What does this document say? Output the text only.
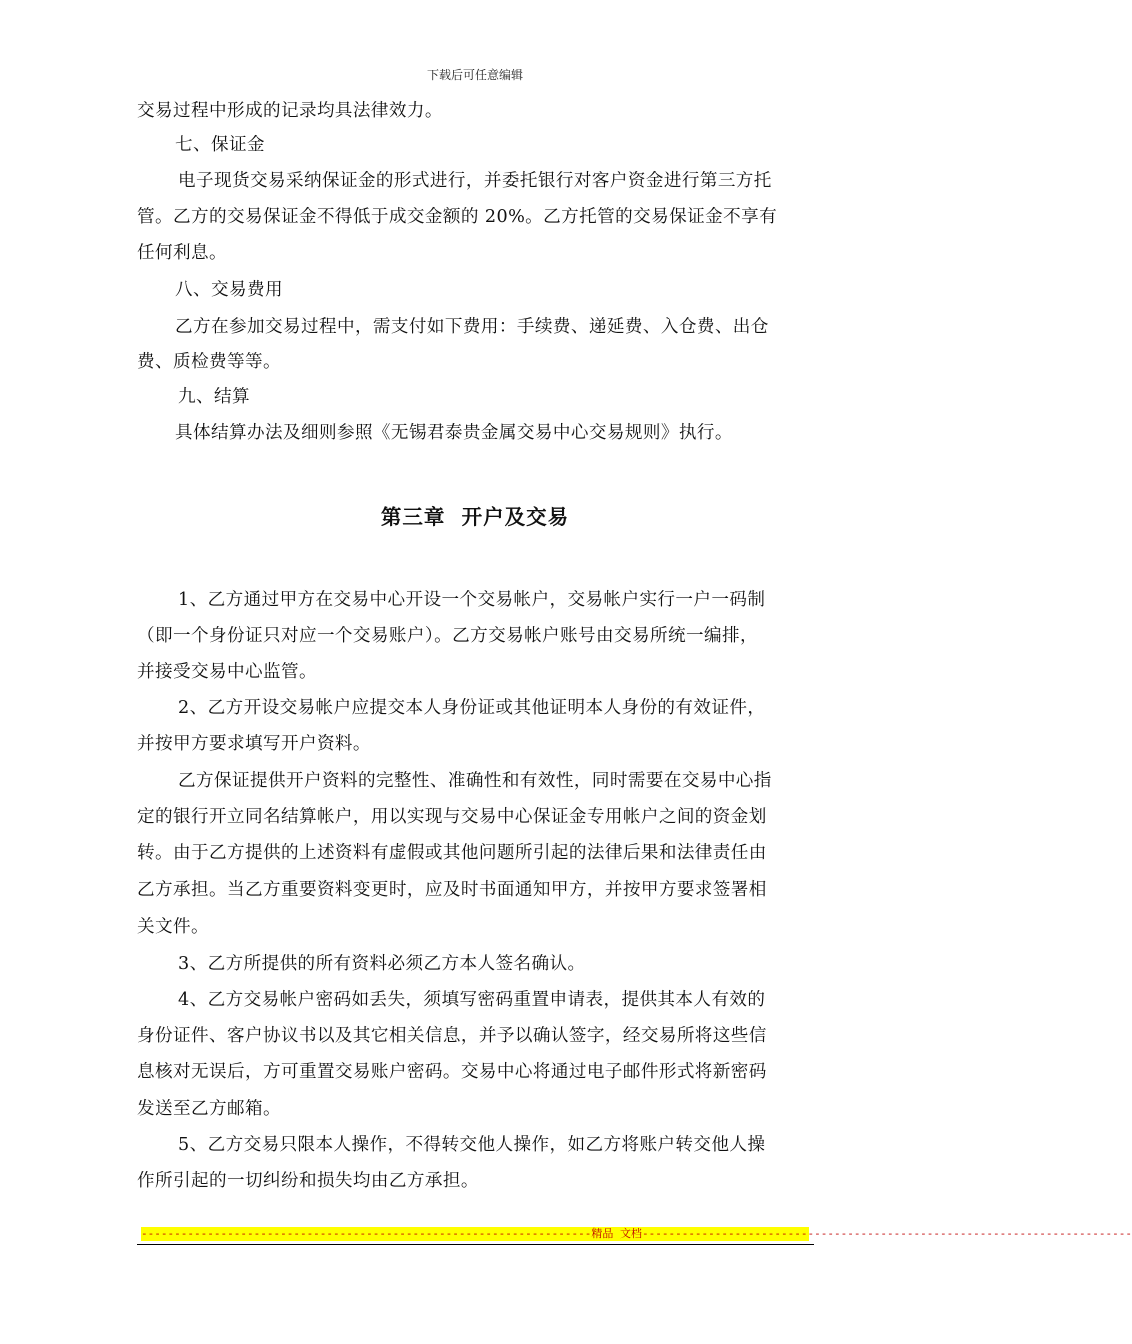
下载后可任意编辑
交易过程中形成的记录均具法律效力。
七、保证金
电子现货交易采纳保证金的形式进行，并委托银行对客户资金进行第三方托
管。乙方的交易保证金不得低于成交金额的 20%。乙方托管的交易保证金不享有
任何利息。
八、交易费用
乙方在参加交易过程中，需支付如下费用：手续费、递延费、入仓费、出仓
费、质检费等等。
九、结算
具体结算办法及细则参照《无锡君泰贵金属交易中心交易规则》执行。
第三章  开户及交易
1、乙方通过甲方在交易中心开设一个交易帐户，交易帐户实行一户一码制
（即一个身份证只对应一个交易账户）。乙方交易帐户账号由交易所统一编排，
并接受交易中心监管。
2、乙方开设交易帐户应提交本人身份证或其他证明本人身份的有效证件，
并按甲方要求填写开户资料。
乙方保证提供开户资料的完整性、准确性和有效性，同时需要在交易中心指
定的银行开立同名结算帐户，用以实现与交易中心保证金专用帐户之间的资金划
转。由于乙方提供的上述资料有虚假或其他问题所引起的法律后果和法律责任由
乙方承担。当乙方重要资料变更时，应及时书面通知甲方，并按甲方要求签署相
关文件。
3、乙方所提供的所有资料必须乙方本人签名确认。
4、乙方交易帐户密码如丢失，须填写密码重置申请表，提供其本人有效的
身份证件、客户协议书以及其它相关信息，并予以确认签字，经交易所将这些信
息核对无误后，方可重置交易账户密码。交易中心将通过电子邮件形式将新密码
发送至乙方邮箱。
5、乙方交易只限本人操作，不得转交他人操作，如乙方将账户转交他人操
作所引起的一切纠纷和损失均由乙方承担。
--------------------------------------------------------------------精品 文档--------------------------------------------------------------------------
